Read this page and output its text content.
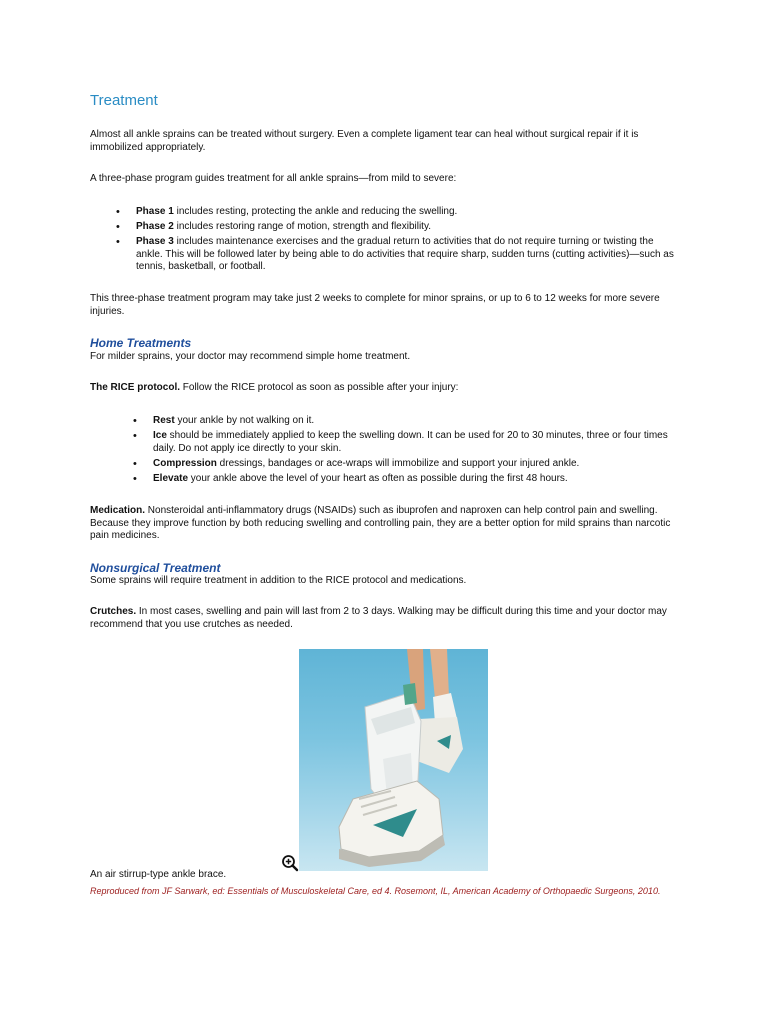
Treatment

Almost all ankle sprains can be treated without surgery. Even a complete ligament tear can heal without surgical repair if it is immobilized appropriately.

A three-phase program guides treatment for all ankle sprains—from mild to severe:

• Phase 1 includes resting, protecting the ankle and reducing the swelling.
• Phase 2 includes restoring range of motion, strength and flexibility.
• Phase 3 includes maintenance exercises and the gradual return to activities that do not require turning or twisting the ankle. This will be followed later by being able to do activities that require sharp, sudden turns (cutting activities)—such as tennis, basketball, or football.

This three-phase treatment program may take just 2 weeks to complete for minor sprains, or up to 6 to 12 weeks for more severe injuries.

Home Treatments

For milder sprains, your doctor may recommend simple home treatment.

The RICE protocol. Follow the RICE protocol as soon as possible after your injury:

• Rest your ankle by not walking on it.
• Ice should be immediately applied to keep the swelling down. It can be used for 20 to 30 minutes, three or four times daily. Do not apply ice directly to your skin.
• Compression dressings, bandages or ace-wraps will immobilize and support your injured ankle.
• Elevate your ankle above the level of your heart as often as possible during the first 48 hours.

Medication. Nonsteroidal anti-inflammatory drugs (NSAIDs) such as ibuprofen and naproxen can help control pain and swelling. Because they improve function by both reducing swelling and controlling pain, they are a better option for mild sprains than narcotic pain medicines.

Nonsurgical Treatment

Some sprains will require treatment in addition to the RICE protocol and medications.

Crutches. In most cases, swelling and pain will last from 2 to 3 days. Walking may be difficult during this time and your doctor may recommend that you use crutches as needed.

An air stirrup-type ankle brace.
Reproduced from JF Sarwark, ed: Essentials of Musculoskeletal Care, ed 4. Rosemont, IL, American Academy of Orthopaedic Surgeons, 2010.
